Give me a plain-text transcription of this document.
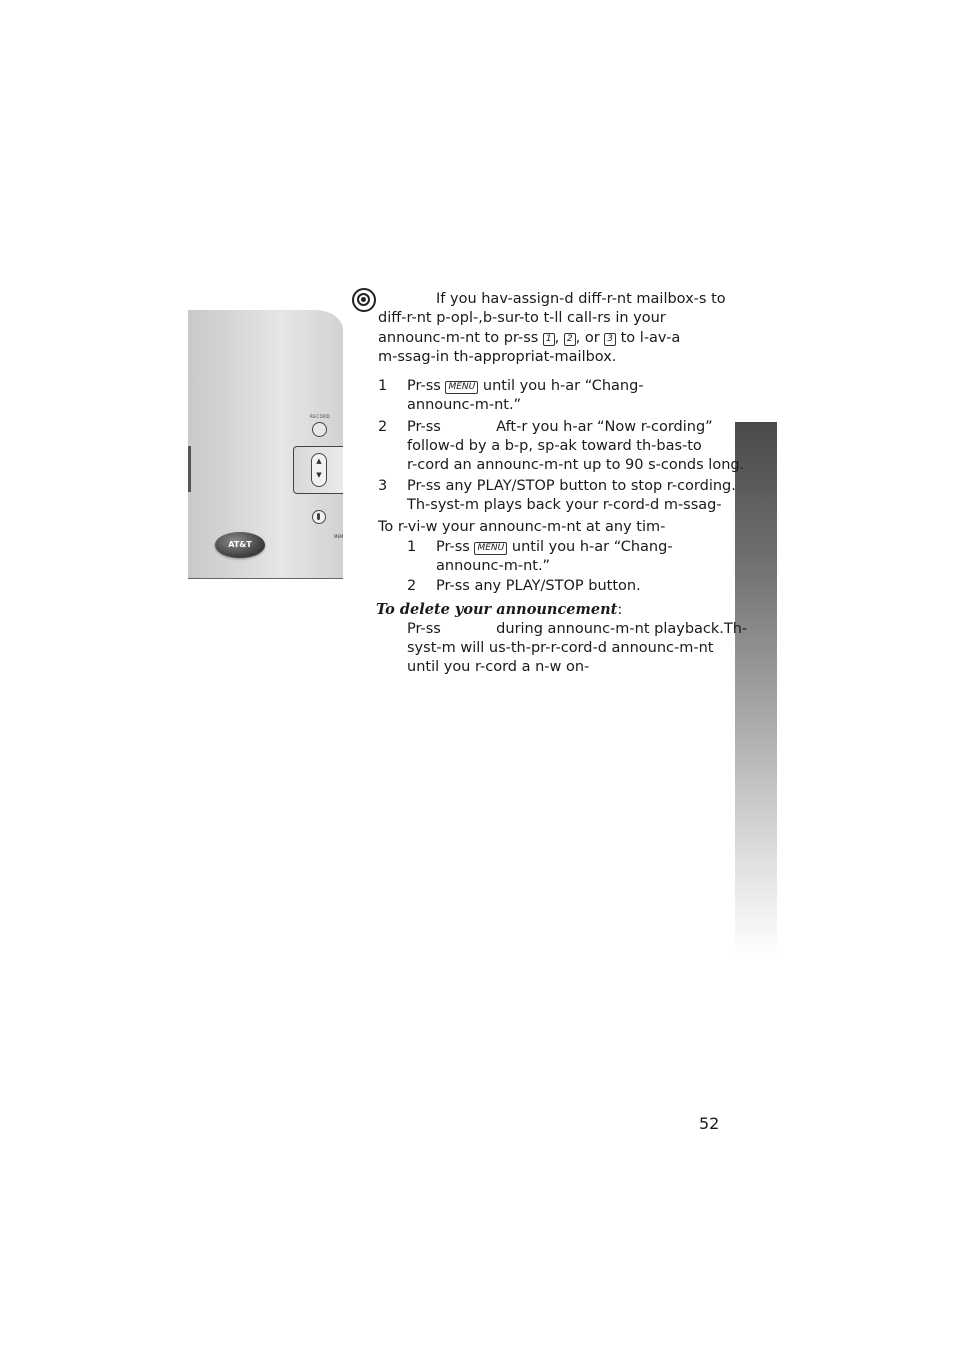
RECORD
▲
▼
AT&T
MEM
If you hav-assign-d diff-r-nt mailbox-s to
diff-r-nt p-opl-,b-sur-to t-ll call-rs in your
announc-m-nt to pr-ss 1 , 2 , or 3 to l-av-a
m-ssag-in th-appropriat-mailbox.
1 Pr-ss MENU until you h-ar “Chang-
announc-m-nt.”
2 Pr-ss            Aft-r you h-ar “Now r-cording”
follow-d by a b-p, sp-ak toward th-bas-to
r-cord an announc-m-nt up to 90 s-conds long.
3 Pr-ss any PLAY/STOP button to stop r-cording.
Th-syst-m plays back your r-cord-d m-ssag-
To r-vi-w your announc-m-nt at any tim-
1 Pr-ss MENU until you h-ar “Chang-
announc-m-nt.”
2 Pr-ss any PLAY/STOP button.
To delete your announcement:
Pr-ss            during announc-m-nt playback.Th-
syst-m will us-th-pr-r-cord-d announc-m-nt
until you r-cord a n-w on-
52
